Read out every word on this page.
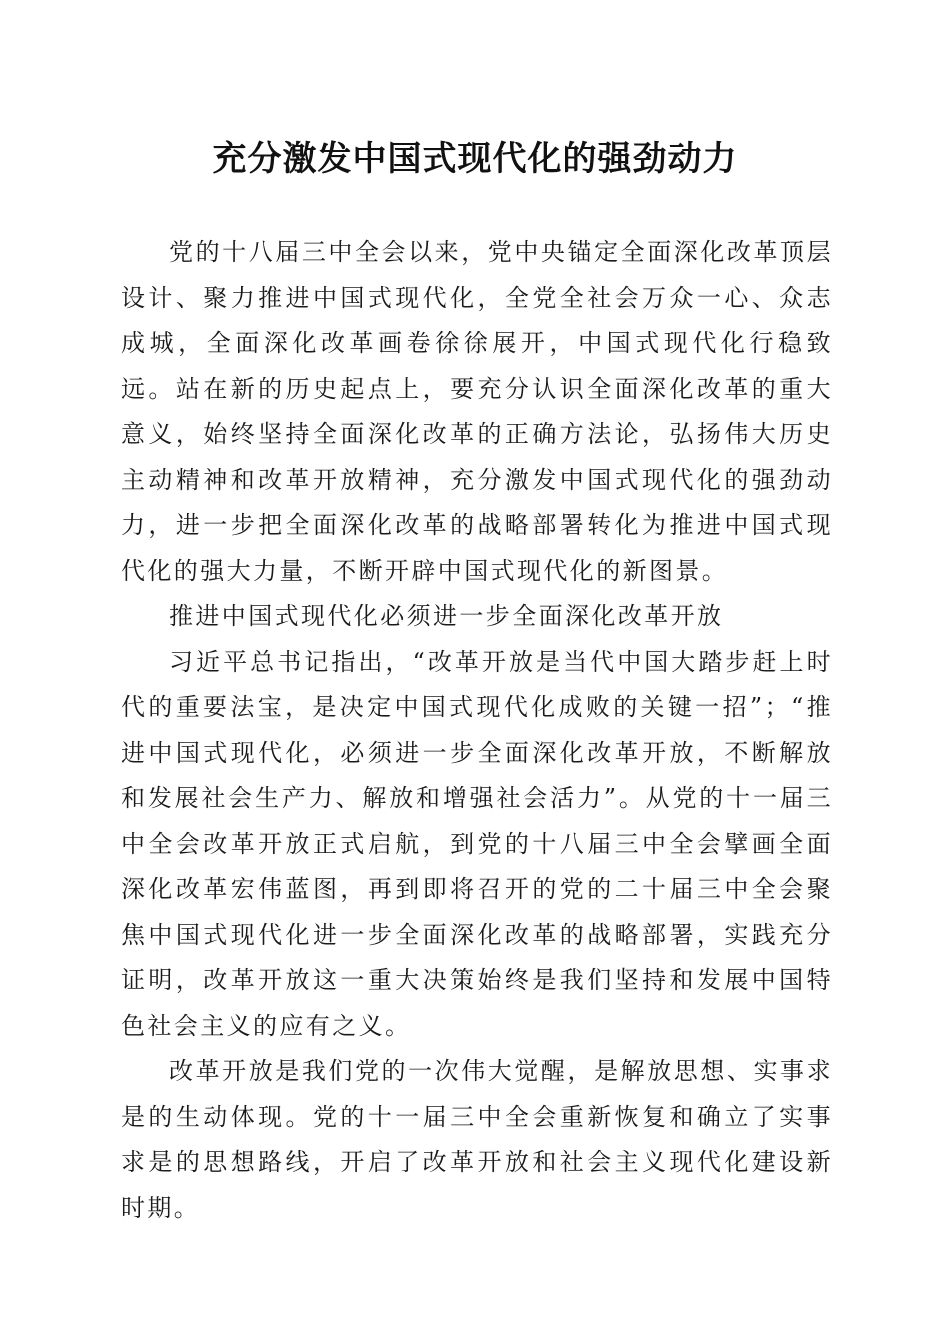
充分激发中国式现代化的强劲动力

党的十八届三中全会以来，党中央锚定全面深化改革顶层设计、聚力推进中国式现代化，全党全社会万众一心、众志成城，全面深化改革画卷徐徐展开，中国式现代化行稳致远。站在新的历史起点上，要充分认识全面深化改革的重大意义，始终坚持全面深化改革的正确方法论，弘扬伟大历史主动精神和改革开放精神，充分激发中国式现代化的强劲动力，进一步把全面深化改革的战略部署转化为推进中国式现代化的强大力量，不断开辟中国式现代化的新图景。

推进中国式现代化必须进一步全面深化改革开放

习近平总书记指出，“改革开放是当代中国大踏步赶上时代的重要法宝，是决定中国式现代化成败的关键一招”；“推进中国式现代化，必须进一步全面深化改革开放，不断解放和发展社会生产力、解放和增强社会活力”。从党的十一届三中全会改革开放正式启航，到党的十八届三中全会擘画全面深化改革宏伟蓝图，再到即将召开的党的二十届三中全会聚焦中国式现代化进一步全面深化改革的战略部署，实践充分证明，改革开放这一重大决策始终是我们坚持和发展中国特色社会主义的应有之义。

改革开放是我们党的一次伟大觉醒，是解放思想、实事求是的生动体现。党的十一届三中全会重新恢复和确立了实事求是的思想路线，开启了改革开放和社会主义现代化建设新时期。
